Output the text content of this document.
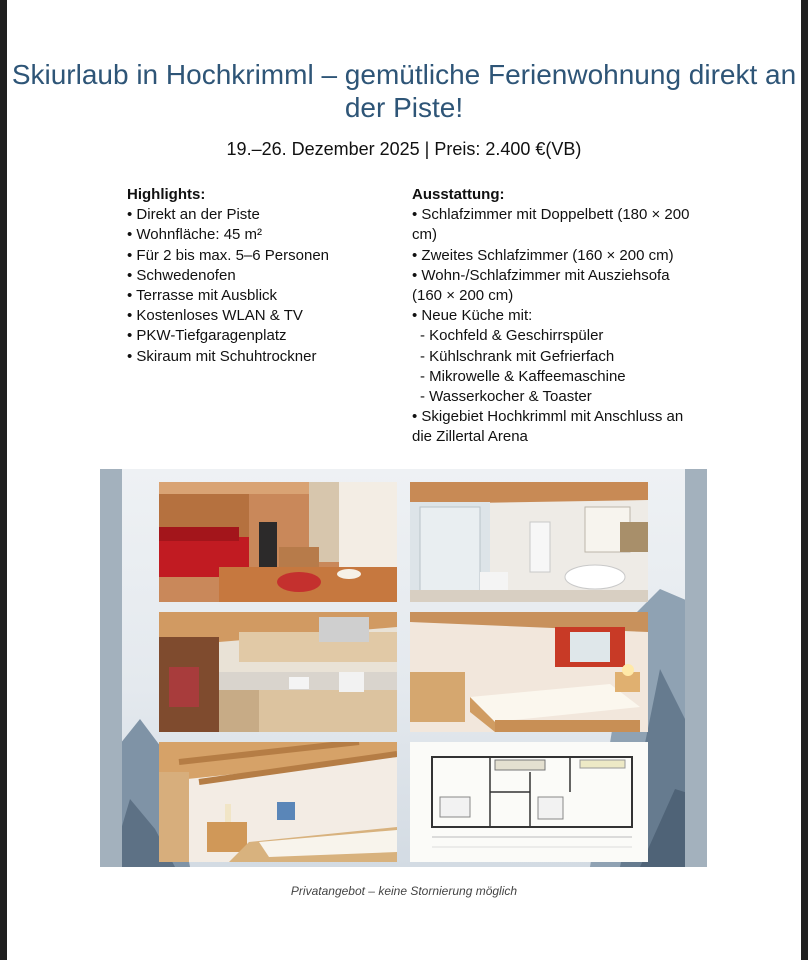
Skiurlaub in Hochkrimml – gemütliche Ferienwohnung direkt an der Piste!
19.–26. Dezember 2025 | Preis: 2.400 €(VB)
Highlights:
• Direkt an der Piste
• Wohnfläche: 45 m²
• Für 2 bis max. 5–6 Personen
• Schwedenofen
• Terrasse mit Ausblick
• Kostenloses WLAN & TV
• PKW-Tiefgaragenplatz
• Skiraum mit Schuhtrockner
Ausstattung:
• Schlafzimmer mit Doppelbett (180 × 200 cm)
• Zweites Schlafzimmer (160 × 200 cm)
• Wohn-/Schlafzimmer mit Ausziehsofa (160 × 200 cm)
• Neue Küche mit:
- Kochfeld & Geschirrspüler
- Kühlschrank mit Gefrierfach
- Mikrowelle & Kaffeemaschine
- Wasserkocher & Toaster
• Skigebiet Hochkrimml mit Anschluss an die Zillertal Arena
Privatangebot – keine Stornierung möglich
